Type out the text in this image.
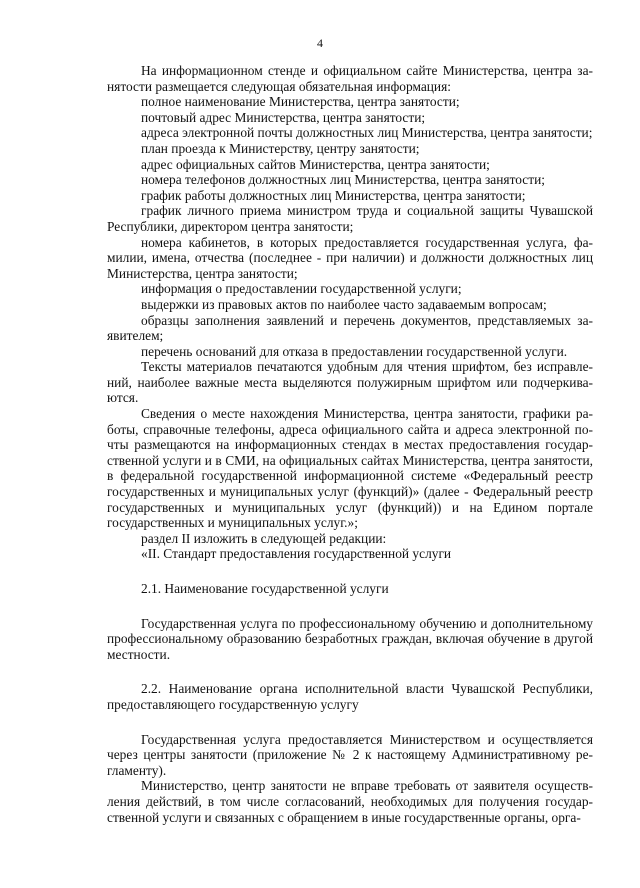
4

На информационном стенде и официальном сайте Министерства, центра занятости размещается следующая обязательная информация:

полное наименование Министерства, центра занятости;

почтовый адрес Министерства, центра занятости;

адреса электронной почты должностных лиц Министерства, центра занятости;

план проезда к Министерству, центру занятости;

адрес официальных сайтов Министерства, центра занятости;

номера телефонов должностных лиц Министерства, центра занятости;

график работы должностных лиц Министерства, центра занятости;

график личного приема министром труда и социальной защиты Чувашской Республики, директором центра занятости;

номера кабинетов, в которых предоставляется государственная услуга, фамилии, имена, отчества (последнее - при наличии) и должности должностных лиц Министерства, центра занятости;

информация о предоставлении государственной услуги;

выдержки из правовых актов по наиболее часто задаваемым вопросам;

образцы заполнения заявлений и перечень документов, представляемых заявителем;

перечень оснований для отказа в предоставлении государственной услуги.

Тексты материалов печатаются удобным для чтения шрифтом, без исправлений, наиболее важные места выделяются полужирным шрифтом или подчеркиваются.

Сведения о месте нахождения Министерства, центра занятости, графики работы, справочные телефоны, адреса официального сайта и адреса электронной почты размещаются на информационных стендах в местах предоставления государственной услуги и в СМИ, на официальных сайтах Министерства, центра занятости, в федеральной государственной информационной системе «Федеральный реестр государственных и муниципальных услуг (функций)» (далее - Федеральный реестр государственных и муниципальных услуг (функций)) и на Едином портале государственных и муниципальных услуг.»;

раздел II изложить в следующей редакции:

«II. Стандарт предоставления государственной услуги

2.1. Наименование государственной услуги

Государственная услуга по профессиональному обучению и дополнительному профессиональному образованию безработных граждан, включая обучение в другой местности.

2.2. Наименование органа исполнительной власти Чувашской Республики, предоставляющего государственную услугу

Государственная услуга предоставляется Министерством и осуществляется через центры занятости (приложение № 2 к настоящему Административному регламенту).

Министерство, центр занятости не вправе требовать от заявителя осуществления действий, в том числе согласований, необходимых для получения государственной услуги и связанных с обращением в иные государственные органы, орга-
